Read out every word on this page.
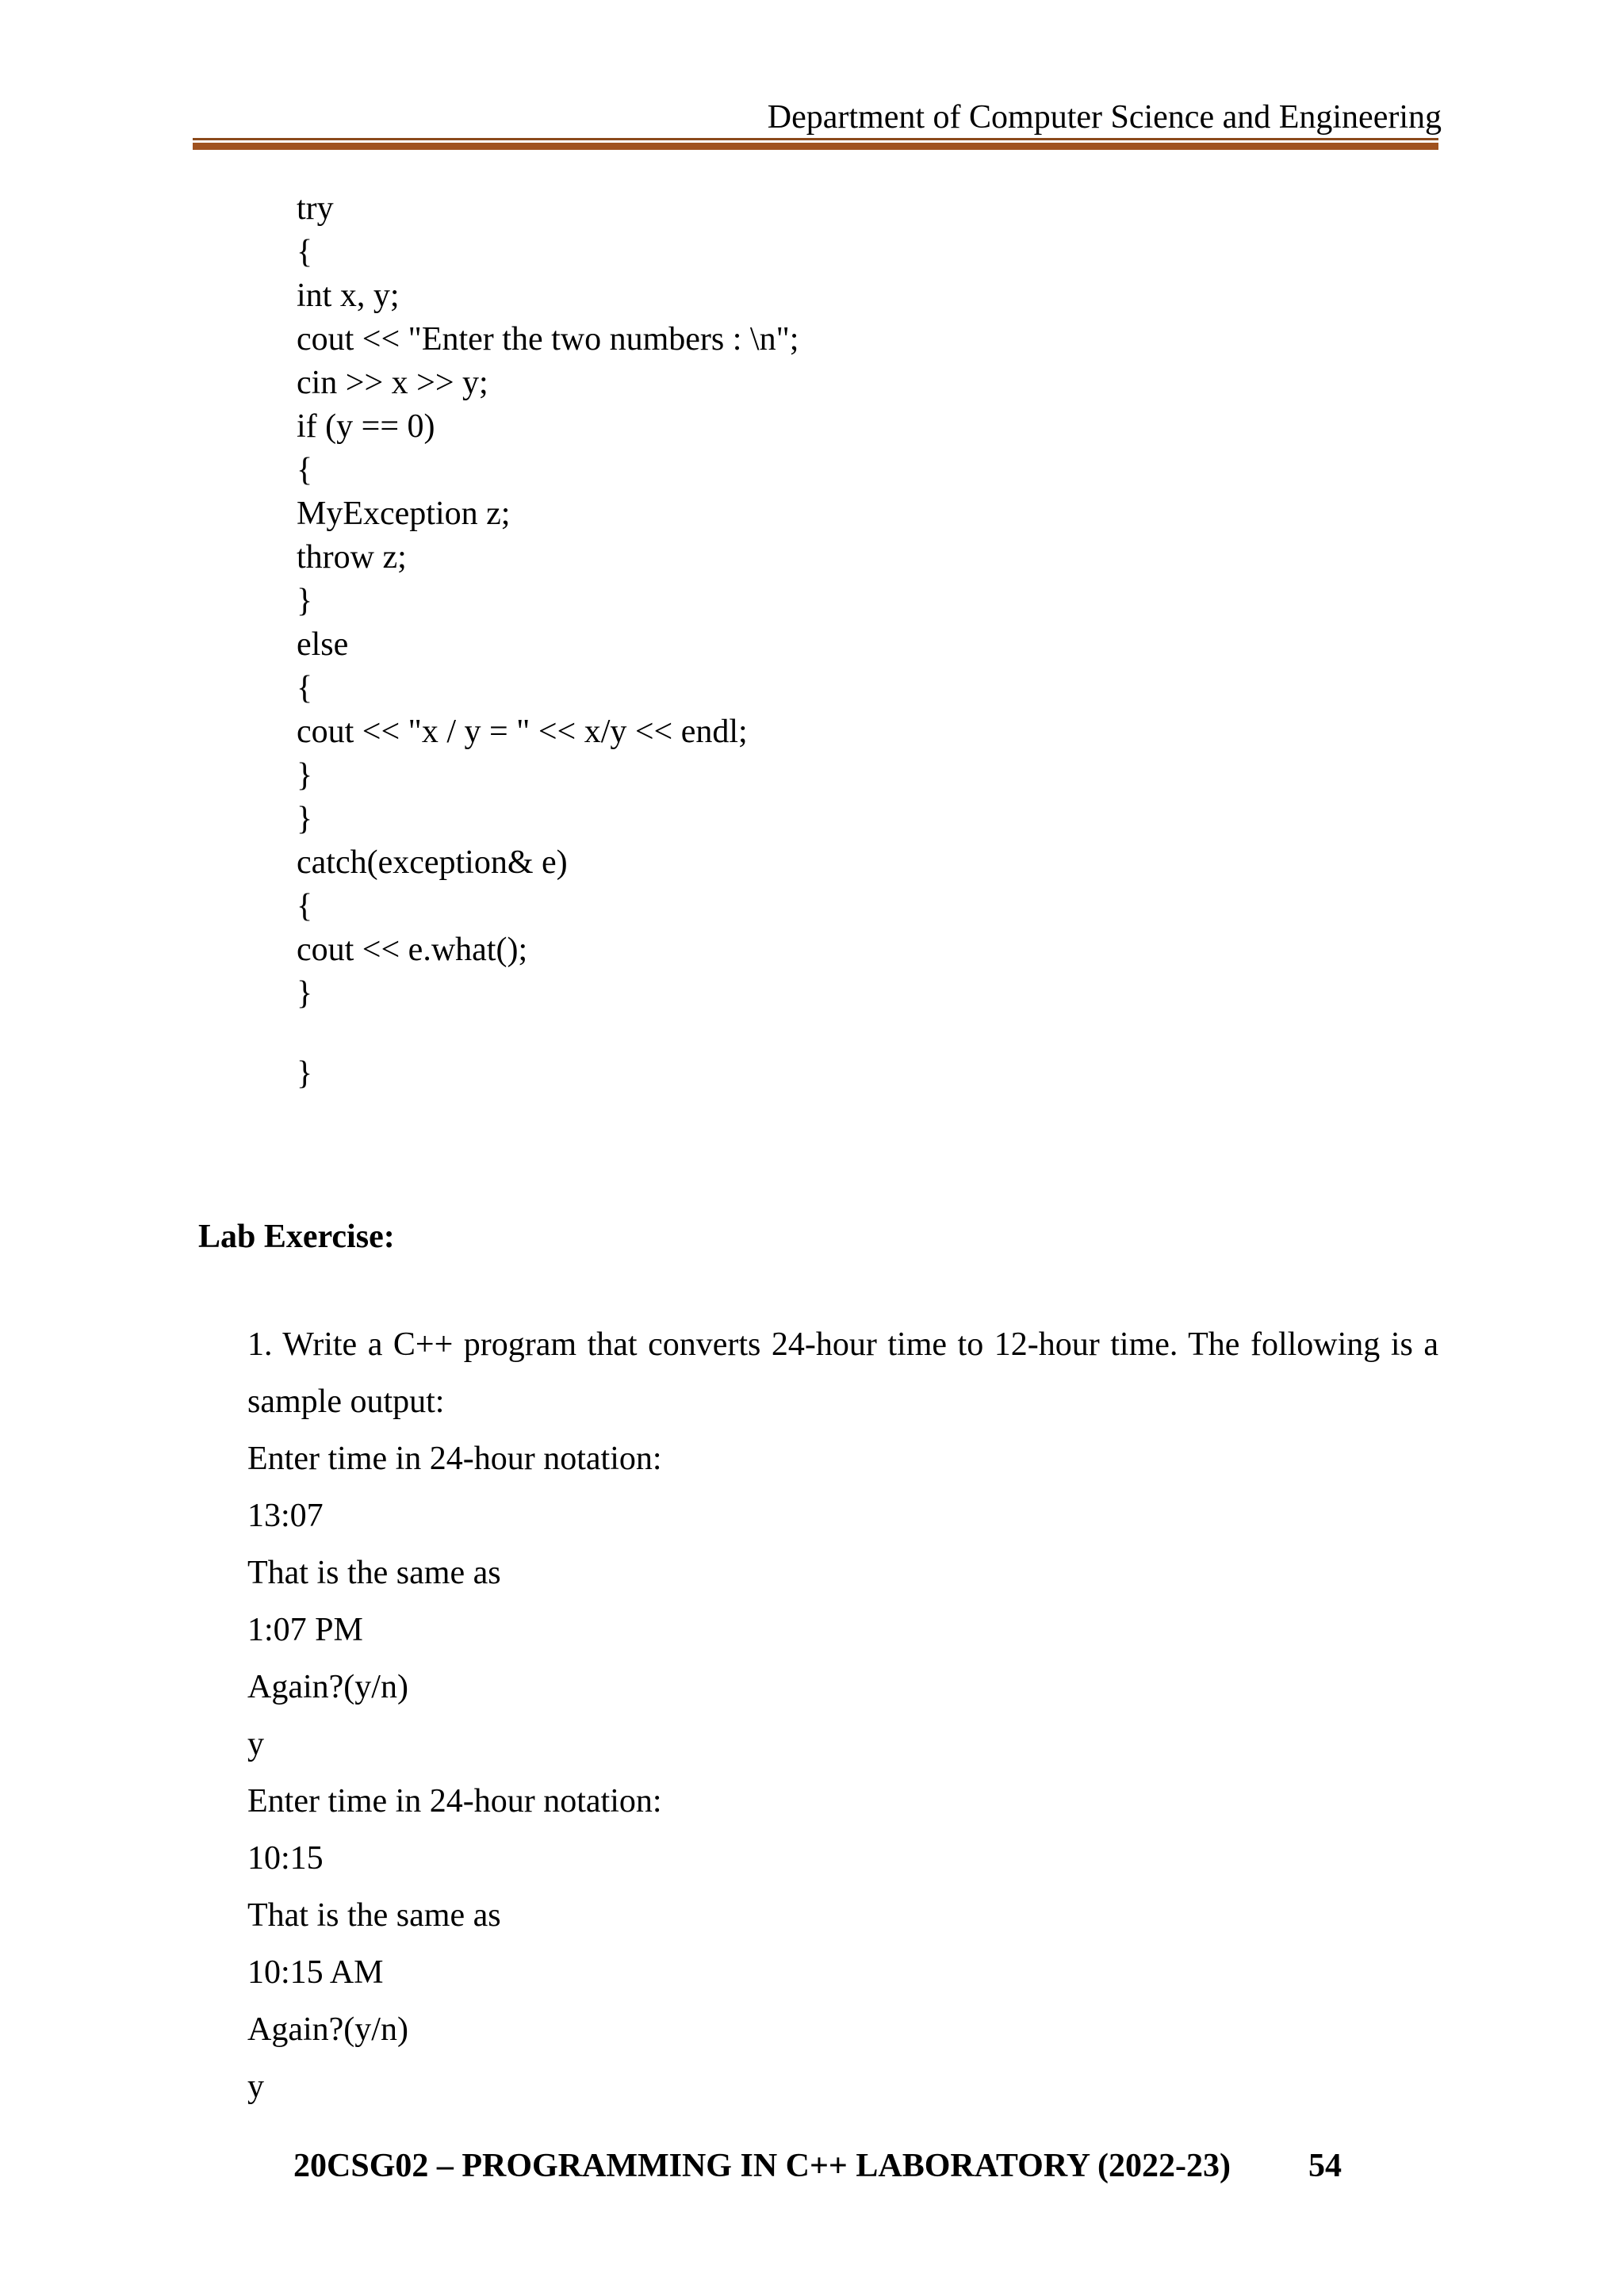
Department of Computer Science and Engineering
try
{
int x, y;
cout << "Enter the two numbers : \n";
cin >> x >> y;
if (y == 0)
{
MyException z;
throw z;
}
else
{
cout << "x / y = " << x/y << endl;
}
}
catch(exception& e)
{
cout << e.what();
}
}
Lab Exercise:

1. Write a C++ program that converts 24-hour time to 12-hour time. The following is a sample output:

Enter time in 24-hour notation:
13:07
That is the same as
1:07 PM
Again?(y/n)
y
Enter time in 24-hour notation:
10:15
That is the same as
10:15 AM
Again?(y/n)
y
20CSG02 – PROGRAMMING IN C++ LABORATORY (2022-23) 54
